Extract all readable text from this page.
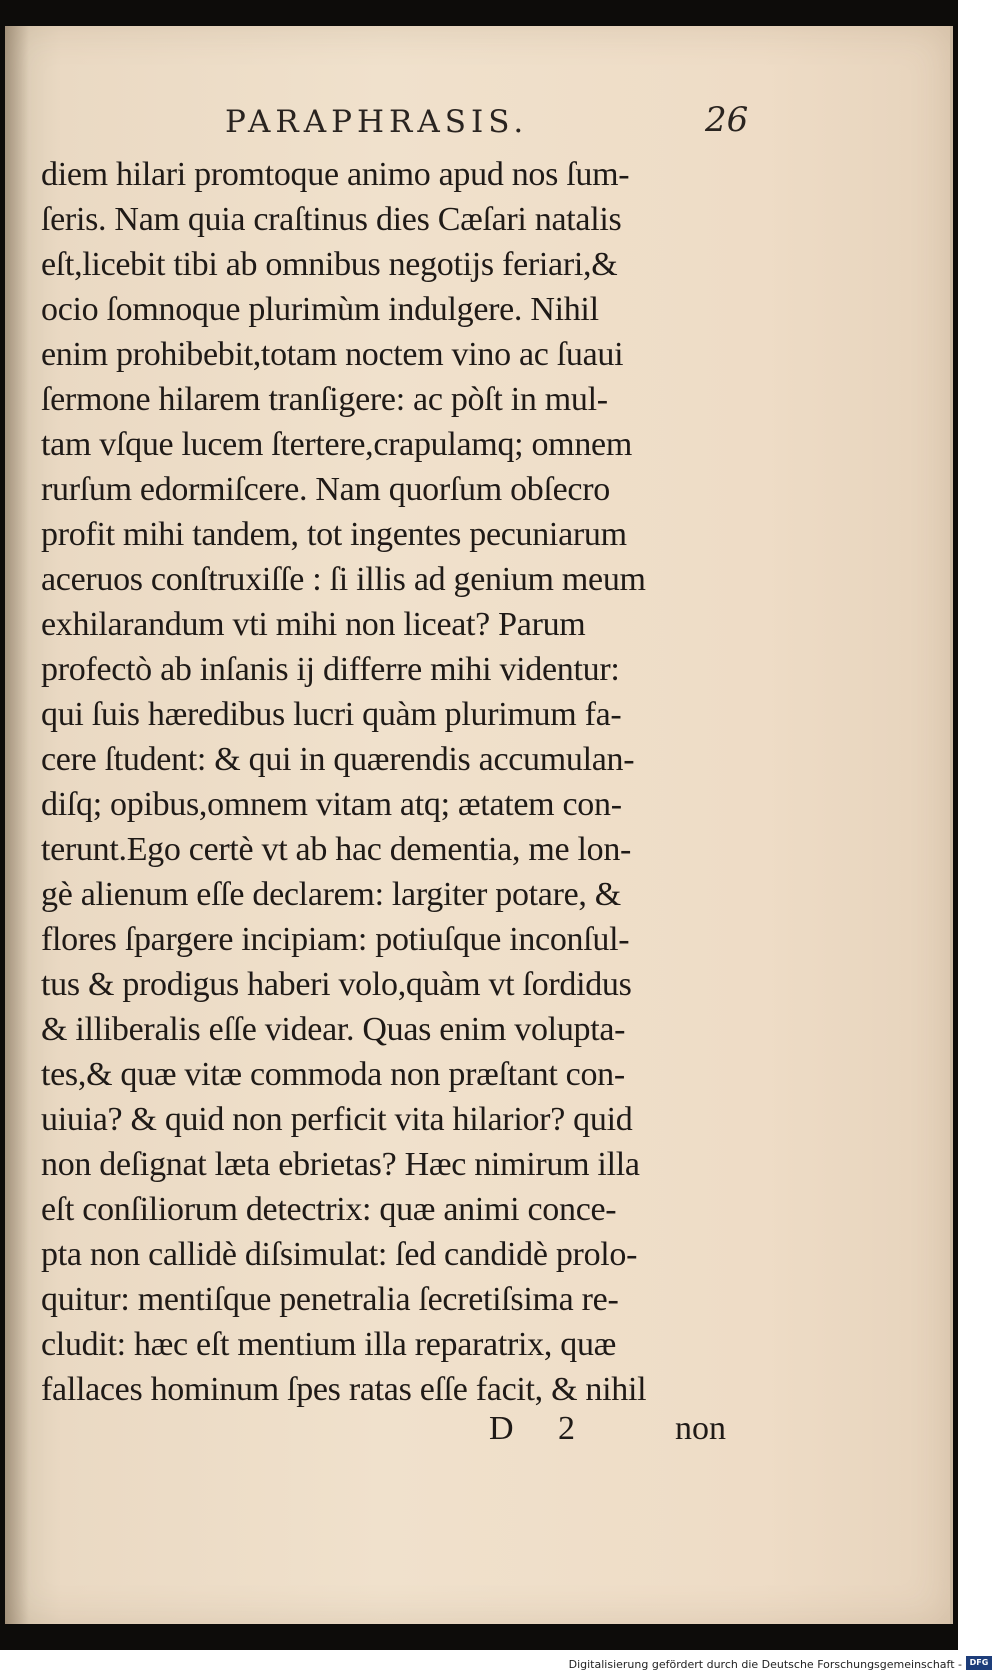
PARAPHRASIS.	26
diem hilari promtoque animo apud nos ſum-
ſeris. Nam quia craſtinus dies Cæſari natalis
eſt,licebit tibi ab omnibus negotijs feriari,&
ocio ſomnoque plurimùm indulgere. Nihil
enim prohibebit,totam noctem vino ac ſuaui
ſermone hilarem tranſigere: ac pòſt in mul-
tam vſque lucem ſtertere,crapulamq; omnem
rurſum edormiſcere. Nam quorſum obſecro
profit mihi tandem, tot ingentes pecuniarum
aceruos conſtruxiſſe : ſi illis ad genium meum
exhilarandum vti mihi non liceat? Parum
profectò ab inſanis ij differre mihi videntur:
qui ſuis hæredibus lucri quàm plurimum fa-
cere ſtudent: & qui in quærendis accumulan-
diſq; opibus,omnem vitam atq; ætatem con-
terunt.Ego certè vt ab hac dementia, me lon-
gè alienum eſſe declarem: largiter potare, &
flores ſpargere incipiam: potiuſque inconſul-
tus & prodigus haberi volo,quàm vt ſordidus
& illiberalis eſſe videar. Quas enim volupta-
tes,& quæ vitæ commoda non præſtant con-
uiuia? & quid non perficit vita hilarior? quid
non deſignat læta ebrietas? Hæc nimirum illa
eſt conſiliorum detectrix: quæ animi conce-
pta non callidè diſsimulat: ſed candidè prolo-
quitur: mentiſque penetralia ſecretiſsima re-
cludit: hæc eſt mentium illa reparatrix, quæ
fallaces hominum ſpes ratas eſſe facit, & nihil
D 2 non
Digitalisierung gefördert durch die Deutsche Forschungsgemeinschaft - DFG
